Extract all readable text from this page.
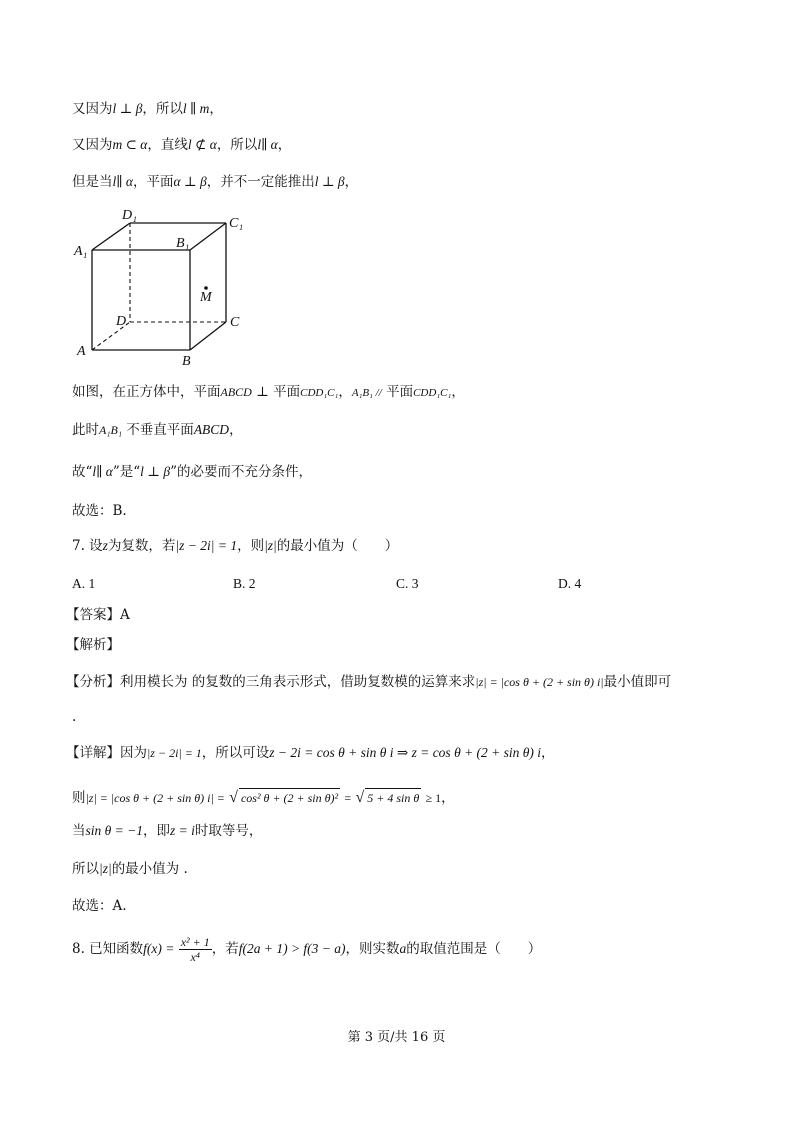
又因为l ⊥ β，所以l ∥ m，
又因为m ⊂ α，直线l ⊄ α，所以l∥ α，
但是当l∥ α，平面α ⊥ β，并不一定能推出l ⊥ β，
D₁
C₁
A₁
B₁
M
D	C
A
B
如图，在正方体中，平面ABCD ⊥ 平面CDD₁C₁，A₁B₁ // 平面CDD₁C₁，
此时A₁B₁ 不垂直平面ABCD，
故“l∥ α”是“l ⊥ β”的必要而不充分条件，
故选：B.
7. 设z为复数，若|z − 2i| = 1，则|z|的最小值为（　　）
A. 1	B. 2	C. 3	D. 4
【答案】A
【解析】
【分析】利用模长为 的复数的三角表示形式，借助复数模的运算来求|z| = |cos θ + (2 + sin θ) i|最小值即可
.
【详解】因为|z − 2i| = 1，所以可设z − 2i = cos θ + sin θ i ⇒ z = cos θ + (2 + sin θ) i，
则|z| = |cos θ + (2 + sin θ) i| = √ cos² θ + (2 + sin θ)² = √ 5 + 4 sin θ ≥ 1，
当sin θ = −1，即z = i时取等号，
所以|z|的最小值为 .
故选：A.
8. 已知函数$f(x) = \frac{\text{x² + 1}}{\text{x⁴}}$ ，若f(2a + 1) > f(3 − a)，则实数a的取值范围是（　　）
第 3 页/共 16 页
